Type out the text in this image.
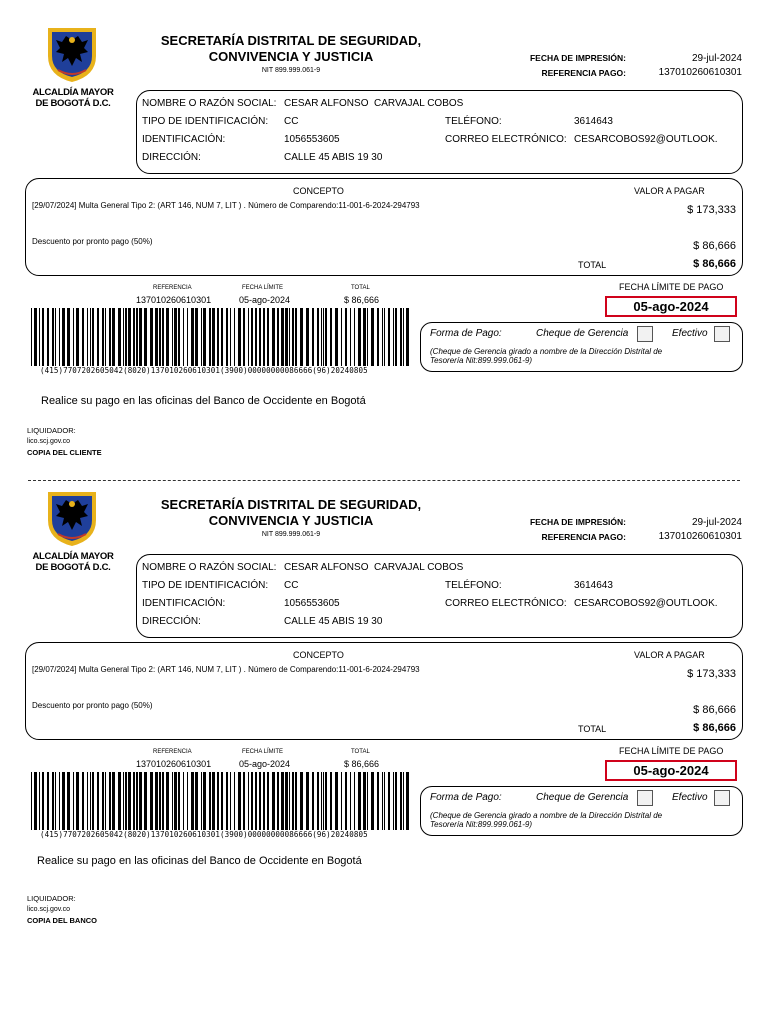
ALCALDÍA MAYOR
DE BOGOTÁ D.C.
SECRETARÍA DISTRITAL DE SEGURIDAD,
CONVIVENCIA Y JUSTICIA
NIT 899.999.061-9
FECHA DE IMPRESIÓN:	29-jul-2024
REFERENCIA PAGO:	137010260610301
NOMBRE O RAZÓN SOCIAL: CESAR ALFONSO  CARVAJAL COBOS
TIPO DE IDENTIFICACIÓN: CC	TELÉFONO:	3614643
IDENTIFICACIÓN:	1056553605	CORREO ELECTRÓNICO: CESARCOBOS92@OUTLOOK.
DIRECCIÓN:	CALLE 45 ABIS 19 30
CONCEPTO	VALOR A PAGAR
[29/07/2024] Multa General Tipo 2: (ART 146, NUM 7, LIT ) . Número de Comparendo:11-001-6-2024-294793	$ 173,333
Descuento por pronto pago (50%)	$ 86,666
TOTAL	$ 86,666
REFERENCIA	FECHA LÍMITE	TOTAL
137010260610301	05-ago-2024	$ 86,666
(415)7707202605042(8020)137010260610301(3900)00000000086666(96)20240805
FECHA LÍMITE DE PAGO
05-ago-2024
Forma de Pago:	Cheque de Gerencia	Efectivo
(Cheque de Gerencia girado a nombre de la Dirección Distrital de
Tesorería Nit:899.999.061-9)
Realice su pago en las oficinas del Banco de Occidente en Bogotá
LIQUIDADOR:
lico.scj.gov.co
COPIA DEL CLIENTE
ALCALDÍA MAYOR
DE BOGOTÁ D.C.
SECRETARÍA DISTRITAL DE SEGURIDAD,
CONVIVENCIA Y JUSTICIA
NIT 899.999.061-9
FECHA DE IMPRESIÓN:	29-jul-2024
REFERENCIA PAGO:	137010260610301
NOMBRE O RAZÓN SOCIAL: CESAR ALFONSO  CARVAJAL COBOS
TIPO DE IDENTIFICACIÓN: CC	TELÉFONO:	3614643
IDENTIFICACIÓN:	1056553605	CORREO ELECTRÓNICO: CESARCOBOS92@OUTLOOK.
DIRECCIÓN:	CALLE 45 ABIS 19 30
CONCEPTO	VALOR A PAGAR
[29/07/2024] Multa General Tipo 2: (ART 146, NUM 7, LIT ) . Número de Comparendo:11-001-6-2024-294793	$ 173,333
Descuento por pronto pago (50%)	$ 86,666
TOTAL	$ 86,666
REFERENCIA	FECHA LÍMITE	TOTAL
137010260610301	05-ago-2024	$ 86,666
(415)7707202605042(8020)137010260610301(3900)00000000086666(96)20240805
FECHA LÍMITE DE PAGO
05-ago-2024
Forma de Pago:	Cheque de Gerencia	Efectivo
(Cheque de Gerencia girado a nombre de la Dirección Distrital de
Tesorería Nit:899.999.061-9)
Realice su pago en las oficinas del Banco de Occidente en Bogotá
LIQUIDADOR:
lico.scj.gov.co
COPIA DEL BANCO
